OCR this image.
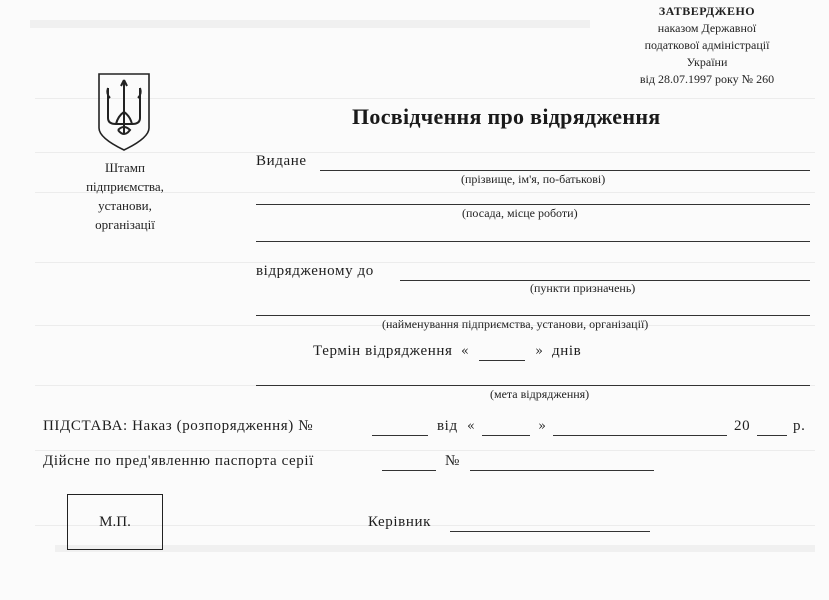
ЗАТВЕРДЖЕНО
наказом Державної
податкової адміністрації
України
від 28.07.1997 року № 260
Штамп
підприємства,
установи,
організації
Посвідчення про відрядження
Видане
(прізвище, ім'я, по-батькові)
(посада, місце роботи)
відрядженому до
(пункти призначень)
(найменування підприємства, установи, організації)
Термін відрядження «	» днів
(мета відрядження)
ПІДСТАВА: Наказ (розпорядження) №	від «	»	20	р.
Дійсне по пред'явленню паспорта серії	№
М.П.	Керівник
